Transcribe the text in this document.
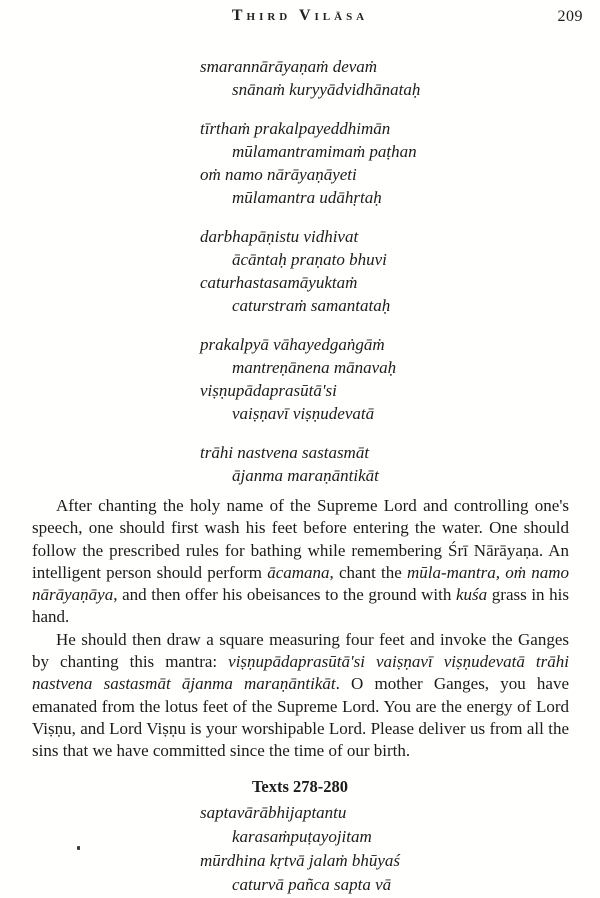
Third Vilāsa	209
smarannārāyaṇaṁ devaṁ
snānaṁ kuryyādvidhānataḥ
tīrthaṁ prakalpayeddhimān
mūlamantramimaṁ paṭhan
oṁ namo nārāyaṇāyeti
mūlamantra udāhṛtaḥ
darbhapāṇistu vidhivat
ācāntaḥ praṇato bhuvi
caturhastasamāyuktaṁ
caturstraṁ samantataḥ
prakalpyā vāhayedgaṅgāṁ
mantreṇānena mānavaḥ
viṣṇupādaprasūtā'si
vaiṣṇavī viṣṇudevatā
trāhi nastvena sastasmāt
ājanma maraṇāntikāt

After chanting the holy name of the Supreme Lord and controlling one's speech, one should first wash his feet before entering the water. One should follow the prescribed rules for bathing while remembering Śrī Nārāyaṇa. An intelligent person should perform ācamana, chant the mūla-mantra, oṁ namo nārāyaṇāya, and then offer his obeisances to the ground with kuśa grass in his hand.

He should then draw a square measuring four feet and invoke the Ganges by chanting this mantra: viṣṇupādaprasūtā'si vaiṣṇavī viṣṇudevatā trāhi nastvena sastasmāt ājanma maraṇāntikāt. O mother Ganges, you have emanated from the lotus feet of the Supreme Lord. You are the energy of Lord Viṣṇu, and Lord Viṣṇu is your worshipable Lord. Please deliver us from all the sins that we have committed since the time of our birth.

Texts 278-280
saptavārābhijaptantu
karasaṁpuṭayojitam
mūrdhina kṛtvā jalaṁ bhūyaś
caturvā pañca sapta vā
